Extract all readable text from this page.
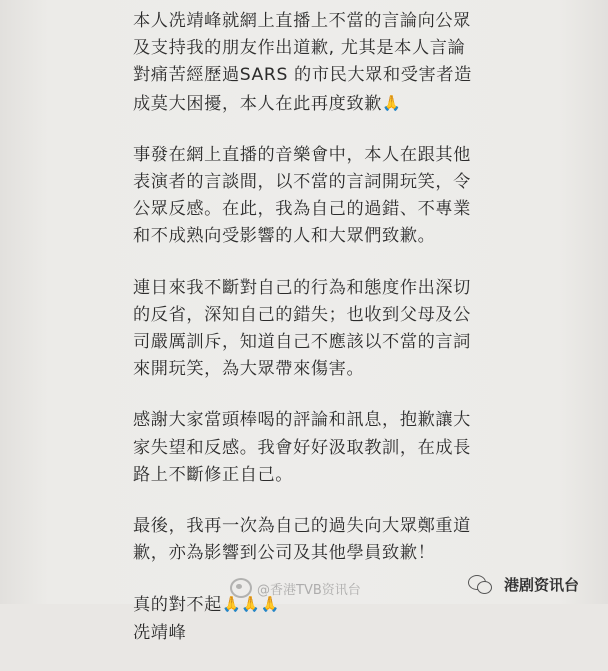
本人冼靖峰就網上直播上不當的言論向公眾
及支持我的朋友作出道歉, 尤其是本人言論
對痛苦經歷過SARS 的市民大眾和受害者造
成莫大困擾，本人在此再度致歉🙏
事發在網上直播的音樂會中，本人在跟其他
表演者的言談間，以不當的言詞開玩笑，令
公眾反感。在此，我為自己的過錯、不專業
和不成熟向受影響的人和大眾們致歉。
連日來我不斷對自己的行為和態度作出深切
的反省，深知自己的錯失；也收到父母及公
司嚴厲訓斥，知道自己不應該以不當的言詞
來開玩笑，為大眾帶來傷害。
感謝大家當頭棒喝的評論和訊息，抱歉讓大
家失望和反感。我會好好汲取教訓，在成長
路上不斷修正自己。
最後，我再一次為自己的過失向大眾鄭重道
歉，亦為影響到公司及其他學員致歉！
真的對不起🙏🙏🙏
冼靖峰
@香港TVB资讯台	港剧资讯台
